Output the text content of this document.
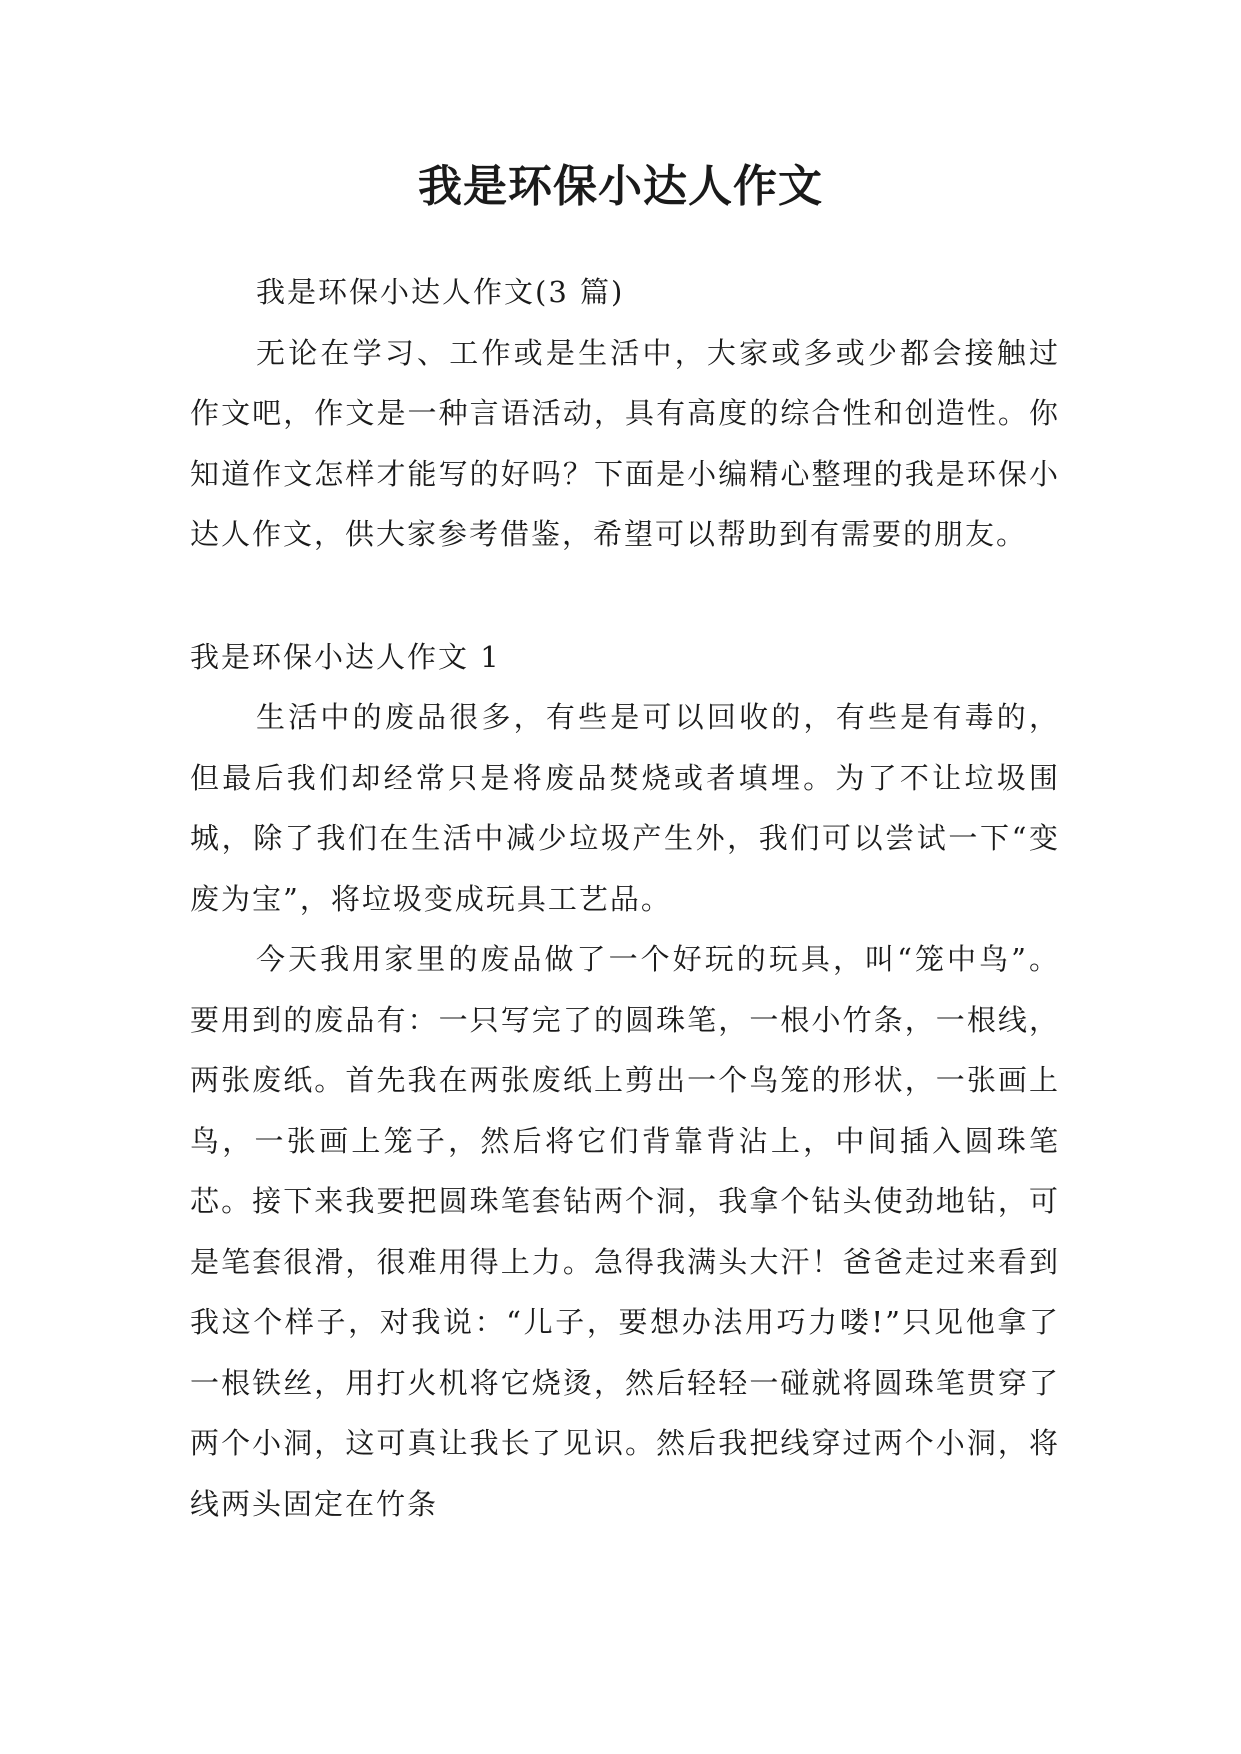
我是环保小达人作文

我是环保小达人作文(3 篇)

无论在学习、工作或是生活中，大家或多或少都会接触过作文吧，作文是一种言语活动，具有高度的综合性和创造性。你知道作文怎样才能写的好吗？下面是小编精心整理的我是环保小达人作文，供大家参考借鉴，希望可以帮助到有需要的朋友。

我是环保小达人作文 1

生活中的废品很多，有些是可以回收的，有些是有毒的，但最后我们却经常只是将废品焚烧或者填埋。为了不让垃圾围城，除了我们在生活中减少垃圾产生外，我们可以尝试一下“变废为宝”，将垃圾变成玩具工艺品。

今天我用家里的废品做了一个好玩的玩具，叫“笼中鸟”。要用到的废品有：一只写完了的圆珠笔，一根小竹条，一根线，两张废纸。首先我在两张废纸上剪出一个鸟笼的形状，一张画上鸟，一张画上笼子，然后将它们背靠背沾上，中间插入圆珠笔芯。接下来我要把圆珠笔套钻两个洞，我拿个钻头使劲地钻，可是笔套很滑，很难用得上力。急得我满头大汗！爸爸走过来看到我这个样子，对我说：“儿子，要想办法用巧力喽!”只见他拿了一根铁丝，用打火机将它烧烫，然后轻轻一碰就将圆珠笔贯穿了两个小洞，这可真让我长了见识。然后我把线穿过两个小洞，将线两头固定在竹条
